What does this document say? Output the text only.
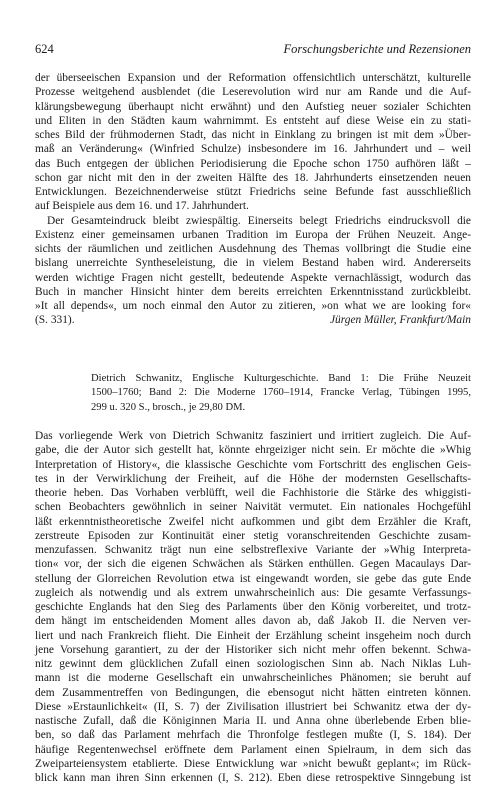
624	Forschungsberichte und Rezensionen
der überseeischen Expansion und der Reformation offensichtlich unterschätzt, kulturelle
Prozesse weitgehend ausblendet (die Leserevolution wird nur am Rande und die Auf-
klärungsbewegung überhaupt nicht erwähnt) und den Aufstieg neuer sozialer Schichten
und Eliten in den Städten kaum wahrnimmt. Es entsteht auf diese Weise ein zu stati-
sches Bild der frühmodernen Stadt, das nicht in Einklang zu bringen ist mit dem »Über-
maß an Veränderung« (Winfried Schulze) insbesondere im 16. Jahrhundert und – weil
das Buch entgegen der üblichen Periodisierung die Epoche schon 1750 aufhören läßt –
schon gar nicht mit den in der zweiten Hälfte des 18. Jahrhunderts einsetzenden neuen
Entwicklungen. Bezeichnenderweise stützt Friedrichs seine Befunde fast ausschließlich
auf Beispiele aus dem 16. und 17. Jahrhundert.
Der Gesamteindruck bleibt zwiespältig. Einerseits belegt Friedrichs eindrucksvoll die
Existenz einer gemeinsamen urbanen Tradition im Europa der Frühen Neuzeit. Ange-
sichts der räumlichen und zeitlichen Ausdehnung des Themas vollbringt die Studie eine
bislang unerreichte Syntheseleistung, die in vielem Bestand haben wird. Andererseits
werden wichtige Fragen nicht gestellt, bedeutende Aspekte vernachlässigt, wodurch das
Buch in mancher Hinsicht hinter dem bereits erreichten Erkenntnisstand zurückbleibt.
»It all depends«, um noch einmal den Autor zu zitieren, »on what we are looking for«
(S. 331).	Jürgen Müller, Frankfurt/Main
Dietrich Schwanitz, Englische Kulturgeschichte. Band 1: Die Frühe Neuzeit
1500–1760; Band 2: Die Moderne 1760–1914, Francke Verlag, Tübingen 1995,
299 u. 320 S., brosch., je 29,80 DM.
Das vorliegende Werk von Dietrich Schwanitz fasziniert und irritiert zugleich. Die Auf-
gabe, die der Autor sich gestellt hat, könnte ehrgeiziger nicht sein. Er möchte die »Whig
Interpretation of History«, die klassische Geschichte vom Fortschritt des englischen Geis-
tes in der Verwirklichung der Freiheit, auf die Höhe der modernsten Gesellschafts-
theorie heben. Das Vorhaben verblüfft, weil die Fachhistorie die Stärke des whiggisti-
schen Beobachters gewöhnlich in seiner Naivität vermutet. Ein nationales Hochgefühl
läßt erkenntnistheoretische Zweifel nicht aufkommen und gibt dem Erzähler die Kraft,
zerstreute Episoden zur Kontinuität einer stetig voranschreitenden Geschichte zusam-
menzufassen. Schwanitz trägt nun eine selbstreflexive Variante der »Whig Interpreta-
tion« vor, der sich die eigenen Schwächen als Stärken enthüllen. Gegen Macaulays Dar-
stellung der Glorreichen Revolution etwa ist eingewandt worden, sie gebe das gute Ende
zugleich als notwendig und als extrem unwahrscheinlich aus: Die gesamte Verfassungs-
geschichte Englands hat den Sieg des Parlaments über den König vorbereitet, und trotz-
dem hängt im entscheidenden Moment alles davon ab, daß Jakob II. die Nerven ver-
liert und nach Frankreich flieht. Die Einheit der Erzählung scheint insgeheim noch durch
jene Vorsehung garantiert, zu der der Historiker sich nicht mehr offen bekennt. Schwa-
nitz gewinnt dem glücklichen Zufall einen soziologischen Sinn ab. Nach Niklas Luh-
mann ist die moderne Gesellschaft ein unwahrscheinliches Phänomen; sie beruht auf
dem Zusammentreffen von Bedingungen, die ebensogut nicht hätten eintreten können.
Diese »Erstaunlichkeit« (II, S. 7) der Zivilisation illustriert bei Schwanitz etwa der dy-
nastische Zufall, daß die Königinnen Maria II. und Anna ohne überlebende Erben blie-
ben, so daß das Parlament mehrfach die Thronfolge festlegen mußte (I, S. 184). Der
häufige Regentenwechsel eröffnete dem Parlament einen Spielraum, in dem sich das
Zweiparteiensystem etablierte. Diese Entwicklung war »nicht bewußt geplant«; im Rück-
blick kann man ihren Sinn erkennen (I, S. 212). Eben diese retrospektive Sinngebung ist
